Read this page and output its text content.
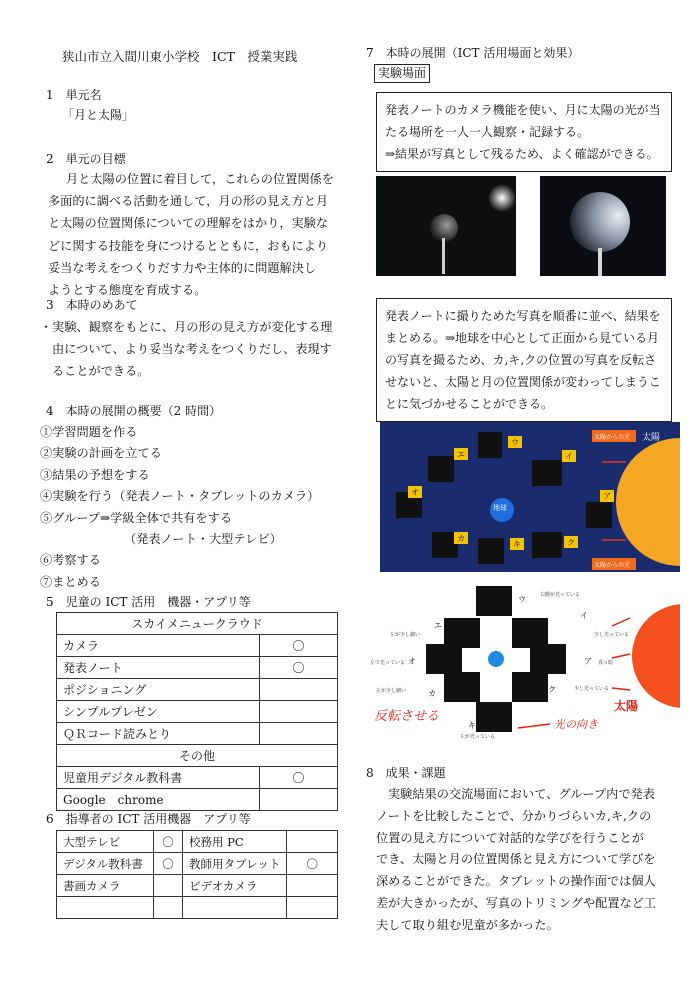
狭山市立入間川東小学校　ICT　授業実践
1　単元名
「月と太陽」
2　単元の目標
月と太陽の位置に着目して，これらの位置関係を
多面的に調べる活動を通して，月の形の見え方と月
と太陽の位置関係についての理解をはかり，実験な
どに関する技能を身につけるとともに，おもにより
妥当な考えをつくりだす力や主体的に問題解決し
ようとする態度を育成する。
3　本時のめあて
・実験、観察をもとに、月の形の見え方が変化する理
由について、より妥当な考えをつくりだし、表現す
ることができる。
4　本時の展開の概要（2 時間）
①学習問題を作る
②実験の計画を立てる
③結果の予想をする
④実験を行う（発表ノート・タブレットのカメラ）
⑤グループ⇒学級全体で共有をする
（発表ノート・大型テレビ）
⑥考察する
⑦まとめる
5　児童の ICT 活用　機器・アプリ等
スカイメニュークラウド	
カメラ	〇
発表ノート	〇
ポジショニング	
シンプルプレゼン	
ＱＲコード読みとり	
その他	
児童用デジタル教科書	〇
Google　chrome	
6　指導者の ICT 活用機器　アプリ等
大型テレビ	〇	校務用 PC	
デジタル教科書	〇	教師用タブレット	〇
書画カメラ		ビデオカメラ	

7　本時の展開（ICT 活用場面と効果）
実験場面
発表ノートのカメラ機能を使い、月に太陽の光が当
たる場所を一人一人観察・記録する。
⇒結果が写真として残るため、よく確認ができる。
発表ノートに撮りためた写真を順番に並べ、結果を
まとめる。⇒地球を中心として正面から見ている月
の写真を撮るため、カ,キ,クの位置の写真を反転さ
せないと、太陽と月の位置関係が変わってしまうこ
とに気づかせることができる。
太陽
太陽からの光
太陽からの光
地球
ウ
イ
ア
ク
キ
カ
オ
エ
太陽
光の向き
反転させる
ウ
イ
ア
ク
キ
カ
オ
エ
右側が光っている
少し光っている
真っ暗
少し光っている
左が少し細い
左で光っている
左が少し細い
左が光っている
8　成果・課題
実験結果の交流場面において、グループ内で発表
ノートを比較したことで、分かりづらいカ,キ,クの
位置の見え方について対話的な学びを行うことが
でき、太陽と月の位置関係と見え方について学びを
深めることができた。タブレットの操作面では個人
差が大きかったが、写真のトリミングや配置など工
夫して取り組む児童が多かった。
